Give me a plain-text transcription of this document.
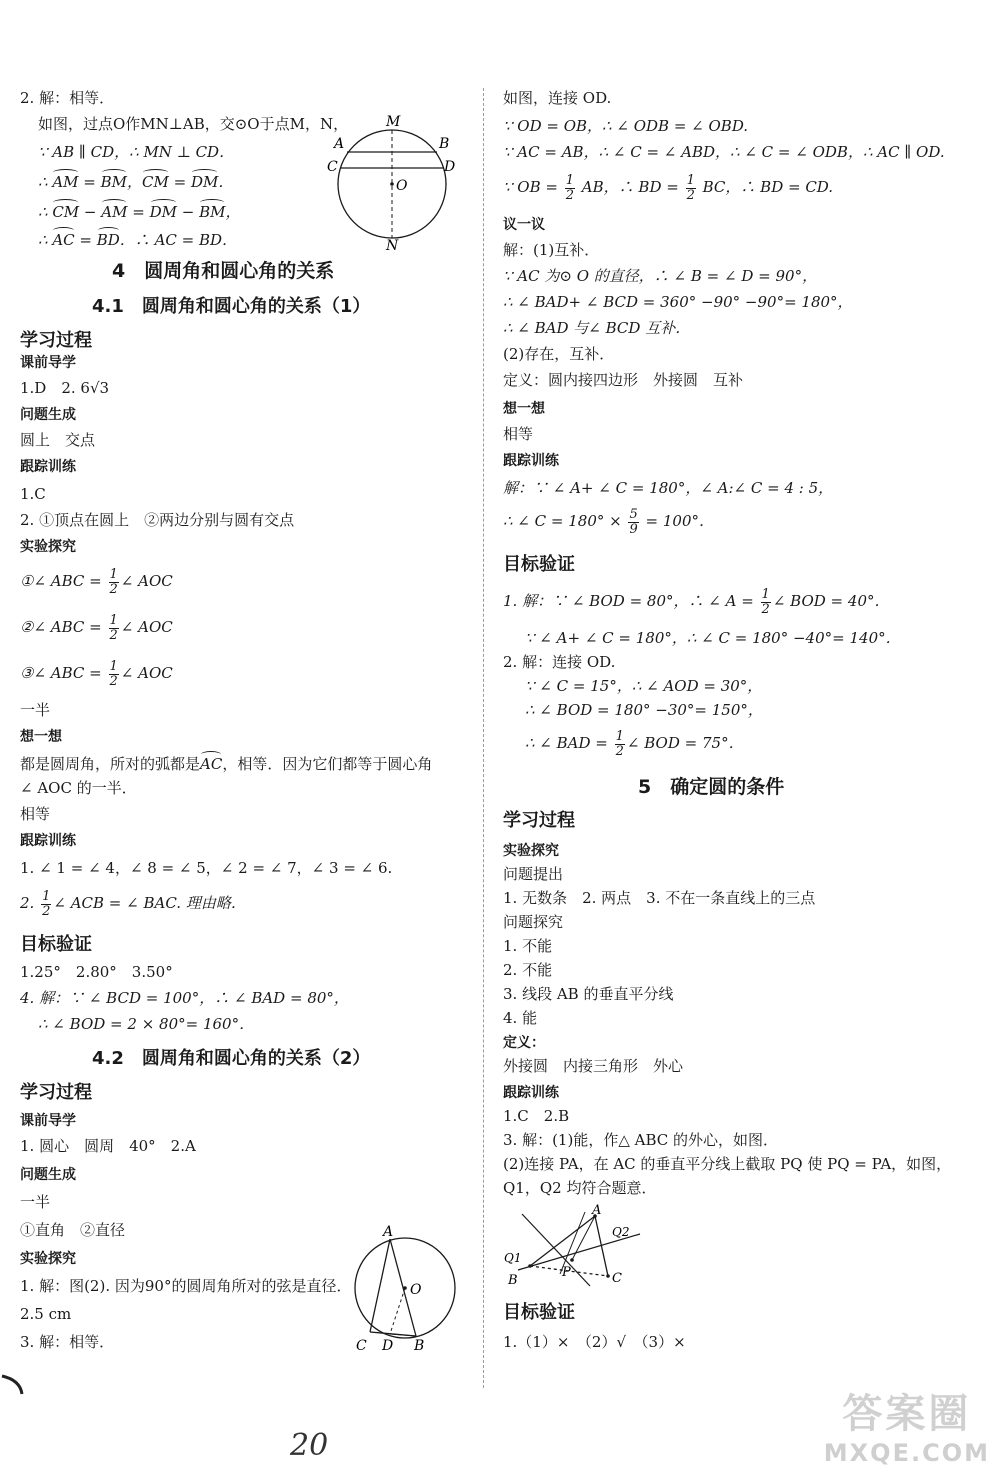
2. 解：相等．
如图，过点O作MN⊥AB，交⊙O于点M，N，
∵ AB ∥ CD，∴ MN ⊥ CD．
∴ AM = BM，CM = DM．
∴ CM − AM = DM − BM，
∴ AC = BD．∴ AC = BD．
M
A	B
C	D
O
N
4　圆周角和圆心角的关系
4.1　圆周角和圆心角的关系（1）
学习过程
课前导学
1.D　2. 6√3
问题生成
圆上　交点
跟踪训练
1.C
2. ①顶点在圆上　②两边分别与圆有交点
实验探究
①∠ ABC = $\frac{1}{2}$ ∠ AOC
②∠ ABC = $\frac{1}{2}$ ∠ AOC
③∠ ABC = $\frac{1}{2}$ ∠ AOC
一半
想一想
都是圆周角，所对的弧都是AC，相等．因为它们都等于圆心角
∠ AOC 的一半．
相等
跟踪训练
1. ∠ 1 = ∠ 4，∠ 8 = ∠ 5，∠ 2 = ∠ 7，∠ 3 = ∠ 6.
2. $\frac{1}{2}$ ∠ ACB = ∠ BAC. 理由略．
目标验证
1.25°　2.80°　3.50°
4. 解：∵ ∠ BCD = 100°，∴ ∠ BAD = 80°，
∴ ∠ BOD = 2 × 80°= 160°．
4.2　圆周角和圆心角的关系（2）
学习过程
课前导学
1. 圆心　圆周　40°　2.A
问题生成
一半
①直角　②直径
实验探究
1. 解：图(2). 因为90°的圆周角所对的弦是直径．
2.5 cm
3. 解：相等．
A
O
C D B
如图，连接 OD.
∵ OD = OB，∴ ∠ ODB = ∠ OBD.
∵ AC = AB，∴ ∠ C = ∠ ABD，∴ ∠ C = ∠ ODB，∴ AC ∥ OD.
∵ OB = $\frac{1}{2}$ AB，∴ BD = $\frac{1}{2}$ BC，∴ BD = CD.
议一议
解：(1)互补．
∵ AC 为⊙ O 的直径，∴ ∠ B = ∠ D = 90°，
∴ ∠ BAD+ ∠ BCD = 360° −90° −90°= 180°，
∴ ∠ BAD 与∠ BCD 互补．
(2)存在，互补．
定义：圆内接四边形　外接圆　互补
想一想
相等
跟踪训练
解：∵ ∠ A+ ∠ C = 180°，∠ A:∠ C = 4 : 5，
∴ ∠ $C = 180^\circ \times \frac{5}{9} = 100^\circ$．
目标验证
1. 解：∵ ∠ BOD = 80°，∴ ∠ $A = \frac{1}{2}$ ∠ BOD = 40°．
∵ ∠ A+ ∠ C = 180°，∴ ∠ C = 180° −40°= 140°．
2. 解：连接 OD.
∵ ∠ C = 15°，∴ ∠ AOD = 30°，
∴ ∠ BOD = 180° −30°= 150°，
∴ ∠ BAD = $\frac{1}{2}$ ∠ BOD = 75°．
5　确定圆的条件
学习过程
实验探究
问题提出
1. 无数条　2. 两点　3. 不在一条直线上的三点
问题探究
1. 不能
2. 不能
3. 线段 AB 的垂直平分线
4. 能
定义：
外接圆　内接三角形　外心
跟踪训练
1.C　2.B
3. 解：(1)能，作△ ABC 的外心，如图．
(2)连接 PA，在 AC 的垂直平分线上截取 PQ 使 PQ = PA，如图，
Q1，Q2 均符合题意．
A
Q2
Q1
B
P	C
目标验证
1.（1）×　（2）√　（3）×
20
答案圈
MXQE.COM
